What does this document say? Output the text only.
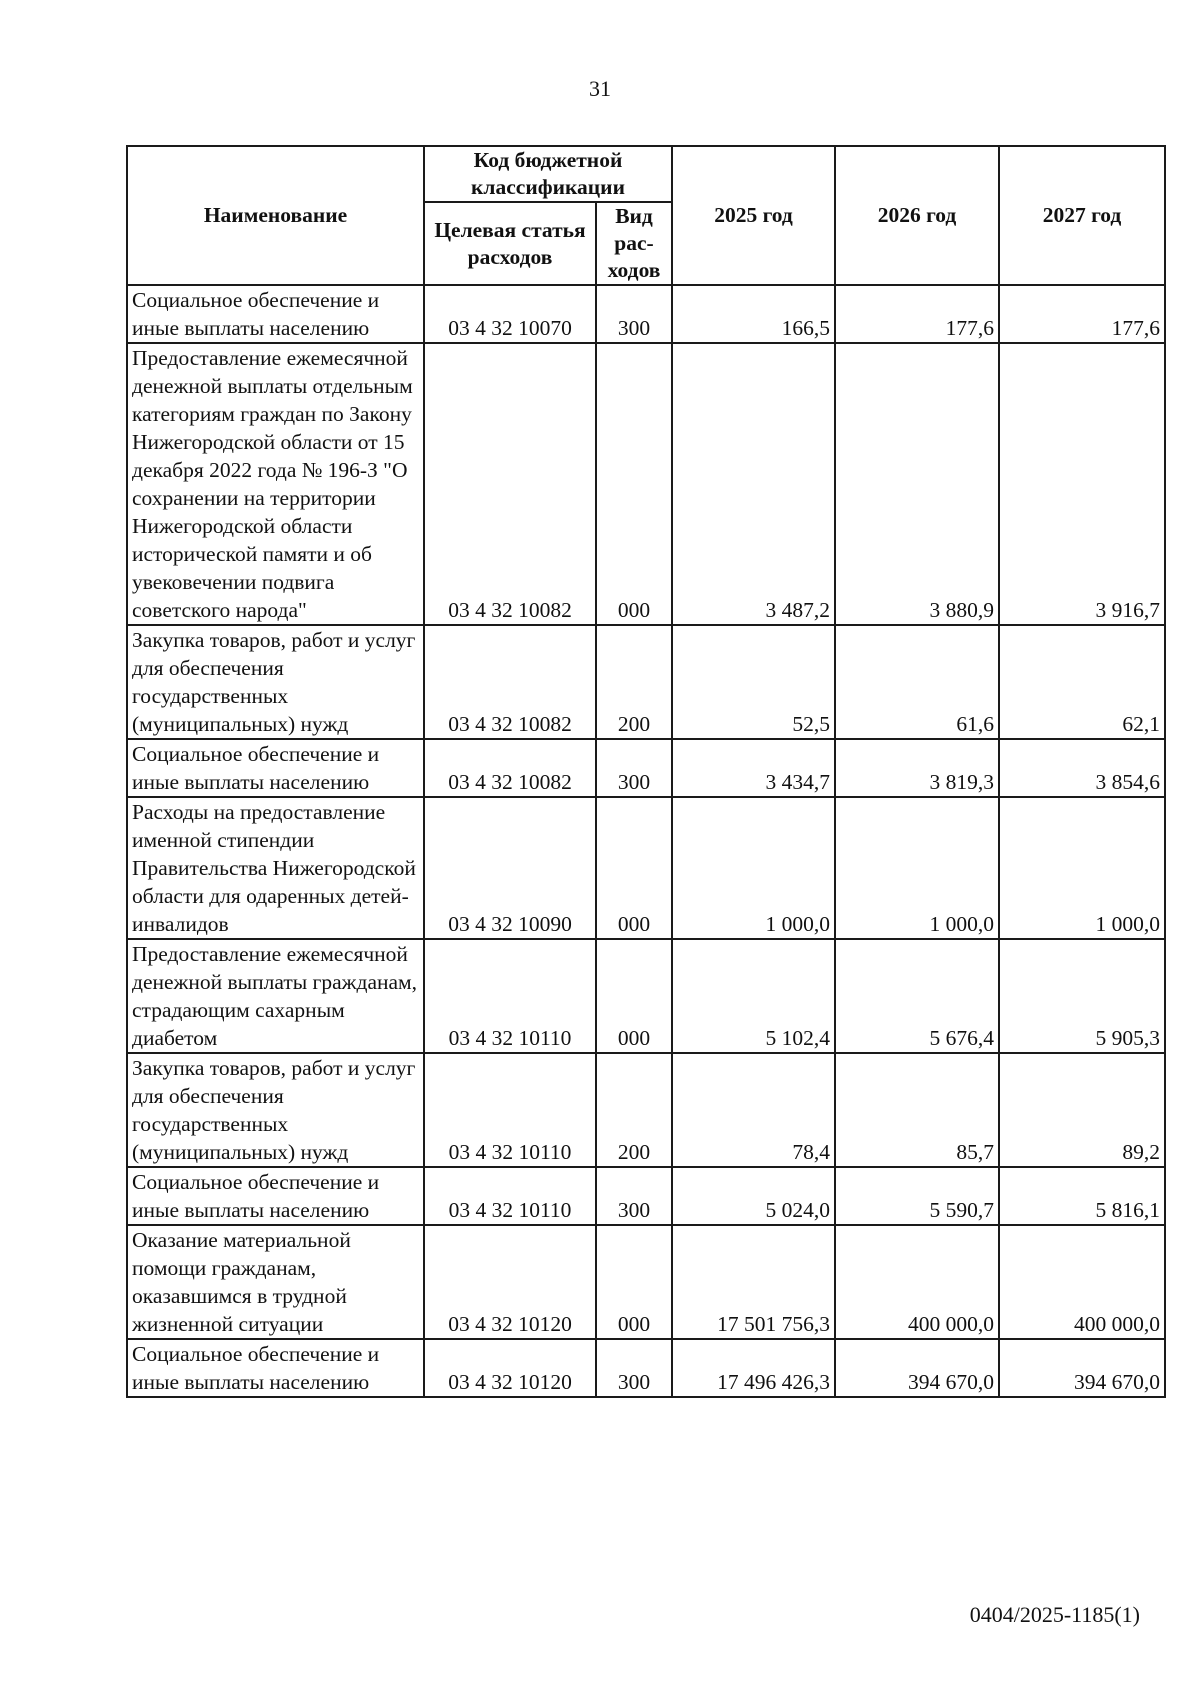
31
Наименование	Код бюджетной классификации		2025 год	2026 год	2027 год
	Целевая статья расходов	Вид рас-ходов			
Социальное обеспечение и иные выплаты населению	03 4 32 10070	300	166,5	177,6	177,6
Предоставление ежемесячной денежной выплаты отдельным категориям граждан по Закону Нижегородской области от 15 декабря 2022 года № 196-З "О сохранении на территории Нижегородской области исторической памяти и об увековечении подвига советского народа"	03 4 32 10082	000	3 487,2	3 880,9	3 916,7
Закупка товаров, работ и услуг для обеспечения государственных (муниципальных) нужд	03 4 32 10082	200	52,5	61,6	62,1
Социальное обеспечение и иные выплаты населению	03 4 32 10082	300	3 434,7	3 819,3	3 854,6
Расходы на предоставление именной стипендии Правительства Нижегородской области для одаренных детей-инвалидов	03 4 32 10090	000	1 000,0	1 000,0	1 000,0
Предоставление ежемесячной денежной выплаты гражданам, страдающим сахарным диабетом	03 4 32 10110	000	5 102,4	5 676,4	5 905,3
Закупка товаров, работ и услуг для обеспечения государственных (муниципальных) нужд	03 4 32 10110	200	78,4	85,7	89,2
Социальное обеспечение и иные выплаты населению	03 4 32 10110	300	5 024,0	5 590,7	5 816,1
Оказание материальной помощи гражданам, оказавшимся в трудной жизненной ситуации	03 4 32 10120	000	17 501 756,3	400 000,0	400 000,0
Социальное обеспечение и иные выплаты населению	03 4 32 10120	300	17 496 426,3	394 670,0	394 670,0
0404/2025-1185(1)
